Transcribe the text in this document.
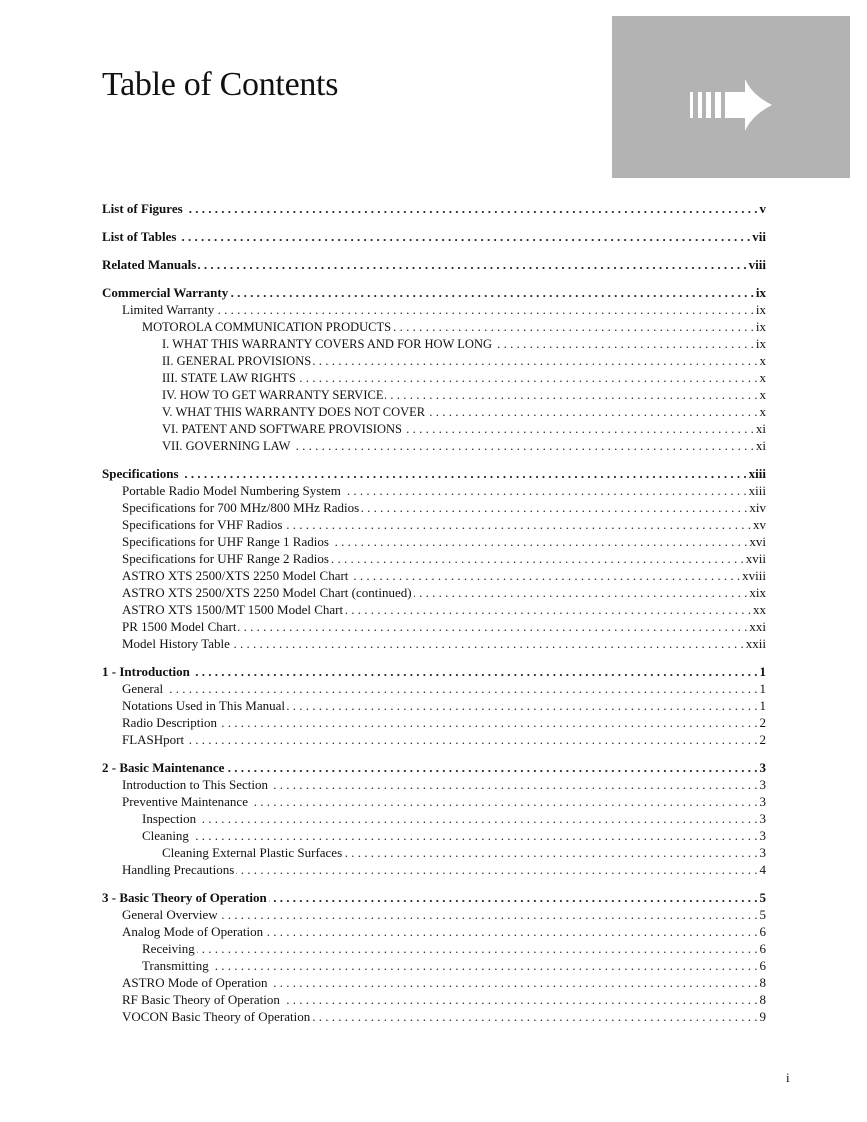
Table of Contents
List of Figures . . .	v
List of Tables . . .	vii
Related Manuals . . .	viii
Commercial Warranty . . .	ix
Limited Warranty . . .	ix
MOTOROLA COMMUNICATION PRODUCTS . . .	ix
I. WHAT THIS WARRANTY COVERS AND FOR HOW LONG . . .	ix
II. GENERAL PROVISIONS . . .	x
III. STATE LAW RIGHTS . . .	x
IV. HOW TO GET WARRANTY SERVICE . . .	x
V. WHAT THIS WARRANTY DOES NOT COVER . . .	x
VI. PATENT AND SOFTWARE PROVISIONS . . .	xi
VII. GOVERNING LAW . . .	xi
Specifications . . .	xiii
Portable Radio Model Numbering System . . .	xiii
Specifications for 700 MHz/800 MHz Radios . . .	xiv
Specifications for VHF Radios . . .	xv
Specifications for UHF Range 1 Radios . . .	xvi
Specifications for UHF Range 2 Radios . . .	xvii
ASTRO XTS 2500/XTS 2250 Model Chart . . .	xviii
ASTRO XTS 2500/XTS 2250 Model Chart (continued) . . .	xix
ASTRO XTS 1500/MT 1500 Model Chart . . .	xx
PR 1500 Model Chart . . .	xxi
Model History Table . . .	xxii
1 - Introduction . . .	1
General . . .	1
Notations Used in This Manual . . .	1
Radio Description . . .	2
FLASHport . . .	2
2 - Basic Maintenance . . .	3
Introduction to This Section . . .	3
Preventive Maintenance . . .	3
Inspection . . .	3
Cleaning . . .	3
Cleaning External Plastic Surfaces . . .	3
Handling Precautions . . .	4
3 - Basic Theory of Operation . . .	5
General Overview . . .	5
Analog Mode of Operation . . .	6
Receiving . . .	6
Transmitting . . .	6
ASTRO Mode of Operation . . .	8
RF Basic Theory of Operation . . .	8
VOCON Basic Theory of Operation . . .	9
i
